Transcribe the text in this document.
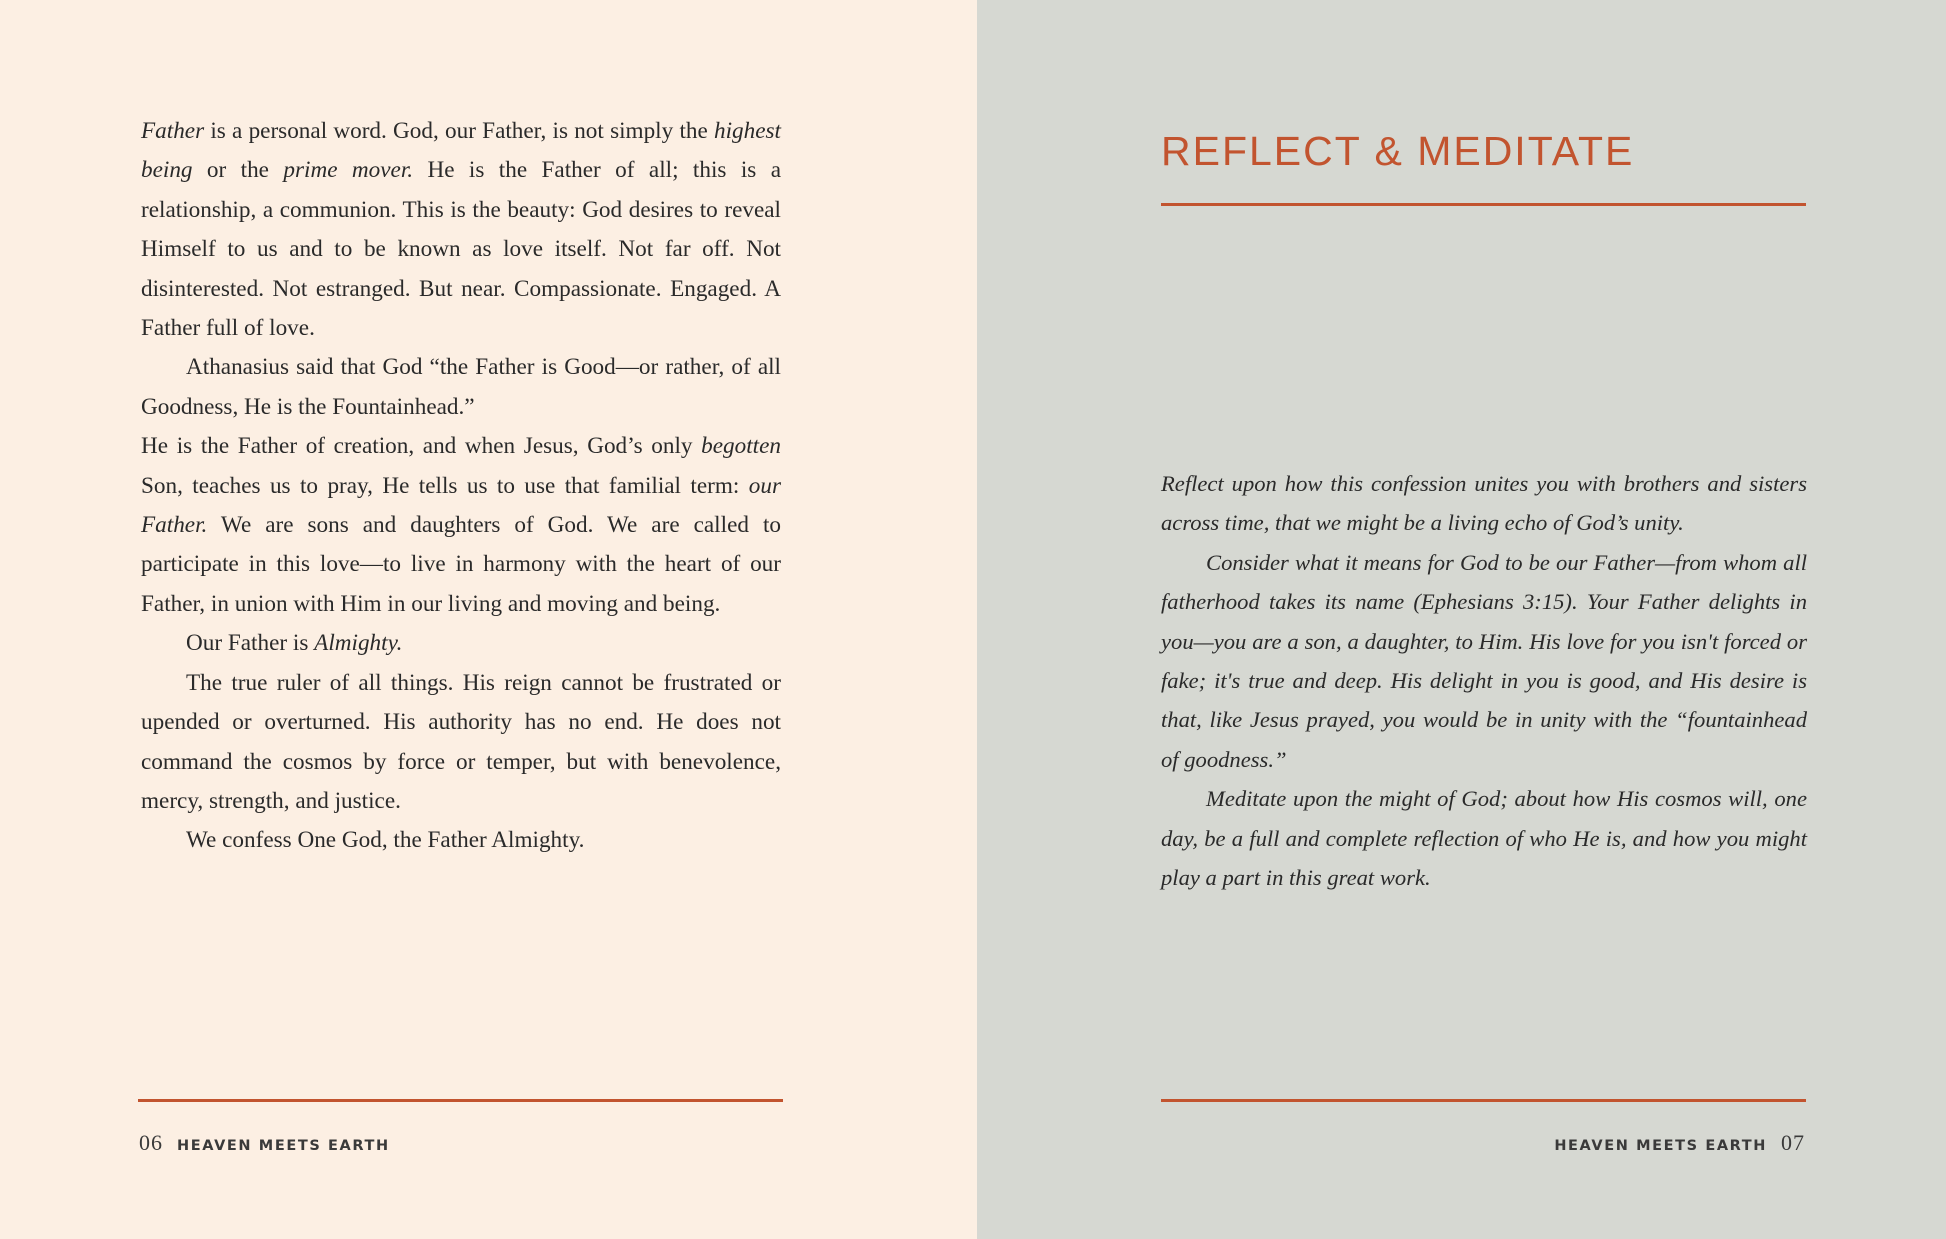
Father is a personal word. God, our Father, is not simply the highest being or the prime mover. He is the Father of all; this is a relationship, a communion. This is the beauty: God desires to reveal Himself to us and to be known as love itself. Not far off. Not disinterested. Not estranged. But near. Compassionate. Engaged. A Father full of love.

Athanasius said that God “the Father is Good—or rather, of all Goodness, He is the Fountainhead.”

He is the Father of creation, and when Jesus, God’s only begotten Son, teaches us to pray, He tells us to use that familial term: our Father. We are sons and daughters of God. We are called to participate in this love—to live in harmony with the heart of our Father, in union with Him in our living and moving and being.

Our Father is Almighty.

The true ruler of all things. His reign cannot be frustrated or upended or overturned. His authority has no end. He does not command the cosmos by force or temper, but with benevolence, mercy, strength, and justice.

We confess One God, the Father Almighty.

06 HEAVEN MEETS EARTH
REFLECT & MEDITATE

Reflect upon how this confession unites you with brothers and sisters across time, that we might be a living echo of God’s unity.

Consider what it means for God to be our Father—from whom all fatherhood takes its name (Ephesians 3:15). Your Father delights in you—you are a son, a daughter, to Him. His love for you isn't forced or fake; it's true and deep. His delight in you is good, and His desire is that, like Jesus prayed, you would be in unity with the “fountainhead of goodness.”

Meditate upon the might of God; about how His cosmos will, one day, be a full and complete reflection of who He is, and how you might play a part in this great work.

HEAVEN MEETS EARTH 07
